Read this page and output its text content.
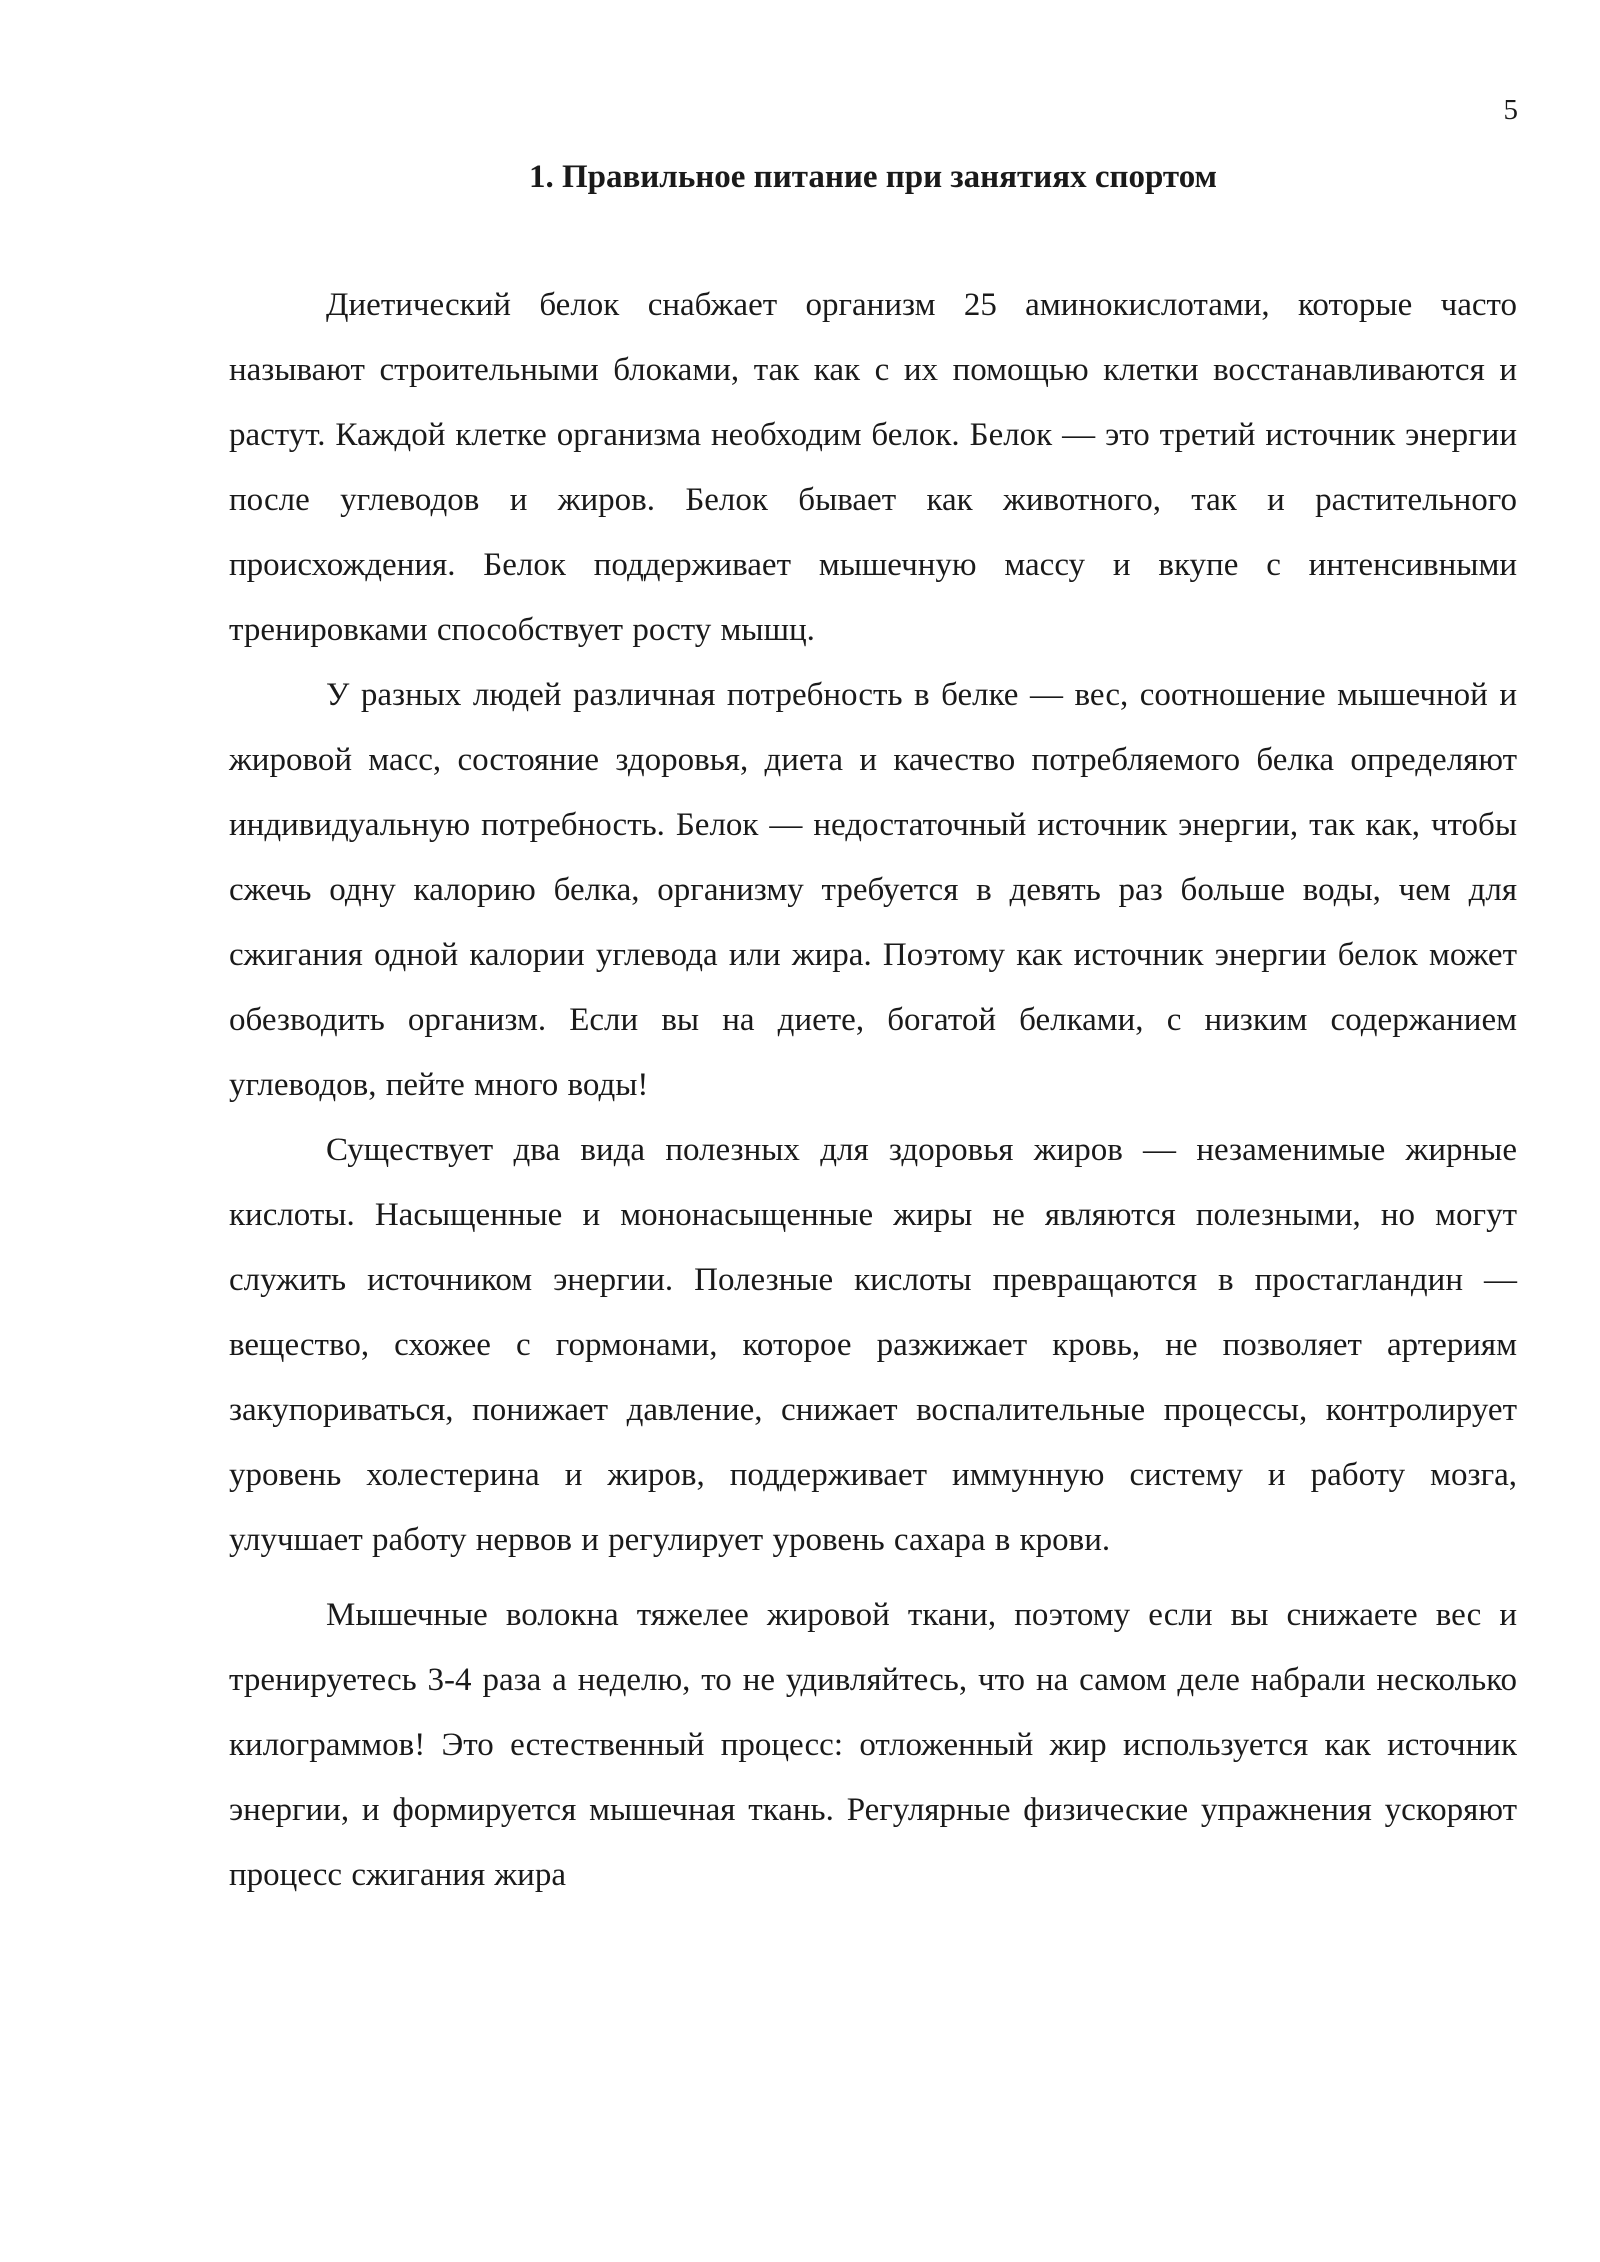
5
1. Правильное питание при занятиях спортом

Диетический белок снабжает организм 25 аминокислотами, которые часто называют строительными блоками, так как с их помощью клетки восстанавливаются и растут. Каждой клетке организма необходим белок. Белок — это третий источник энергии после углеводов и жиров. Белок бывает как животного, так и растительного происхождения. Белок поддерживает мышечную массу и вкупе с интенсивными тренировками способствует росту мышц.

У разных людей различная потребность в белке — вес, соотношение мышечной и жировой масс, состояние здоровья, диета и качество потребляемого белка определяют индивидуальную потребность. Белок — недостаточный источник энергии, так как, чтобы сжечь одну калорию белка, организму требуется в девять раз больше воды, чем для сжигания одной калории углевода или жира. Поэтому как источник энергии белок может обезводить организм. Если вы на диете, богатой белками, с низким содержанием углеводов, пейте много воды!

Существует два вида полезных для здоровья жиров — незаменимые жирные кислоты. Насыщенные и мононасыщенные жиры не являются полезными, но могут служить источником энергии. Полезные кислоты превращаются в простагландин — вещество, схожее с гормонами, которое разжижает кровь, не позволяет артериям закупориваться, понижает давление, снижает воспалительные процессы, контролирует уровень холестерина и жиров, поддерживает иммунную систему и работу мозга, улучшает работу нервов и регулирует уровень сахара в крови.

Мышечные волокна тяжелее жировой ткани, поэтому если вы снижаете вес и тренируетесь 3-4 раза а неделю, то не удивляйтесь, что на самом деле набрали несколько килограммов! Это естественный процесс: отложенный жир используется как источник энергии, и формируется мышечная ткань. Регулярные физические упражнения ускоряют процесс сжигания жира
